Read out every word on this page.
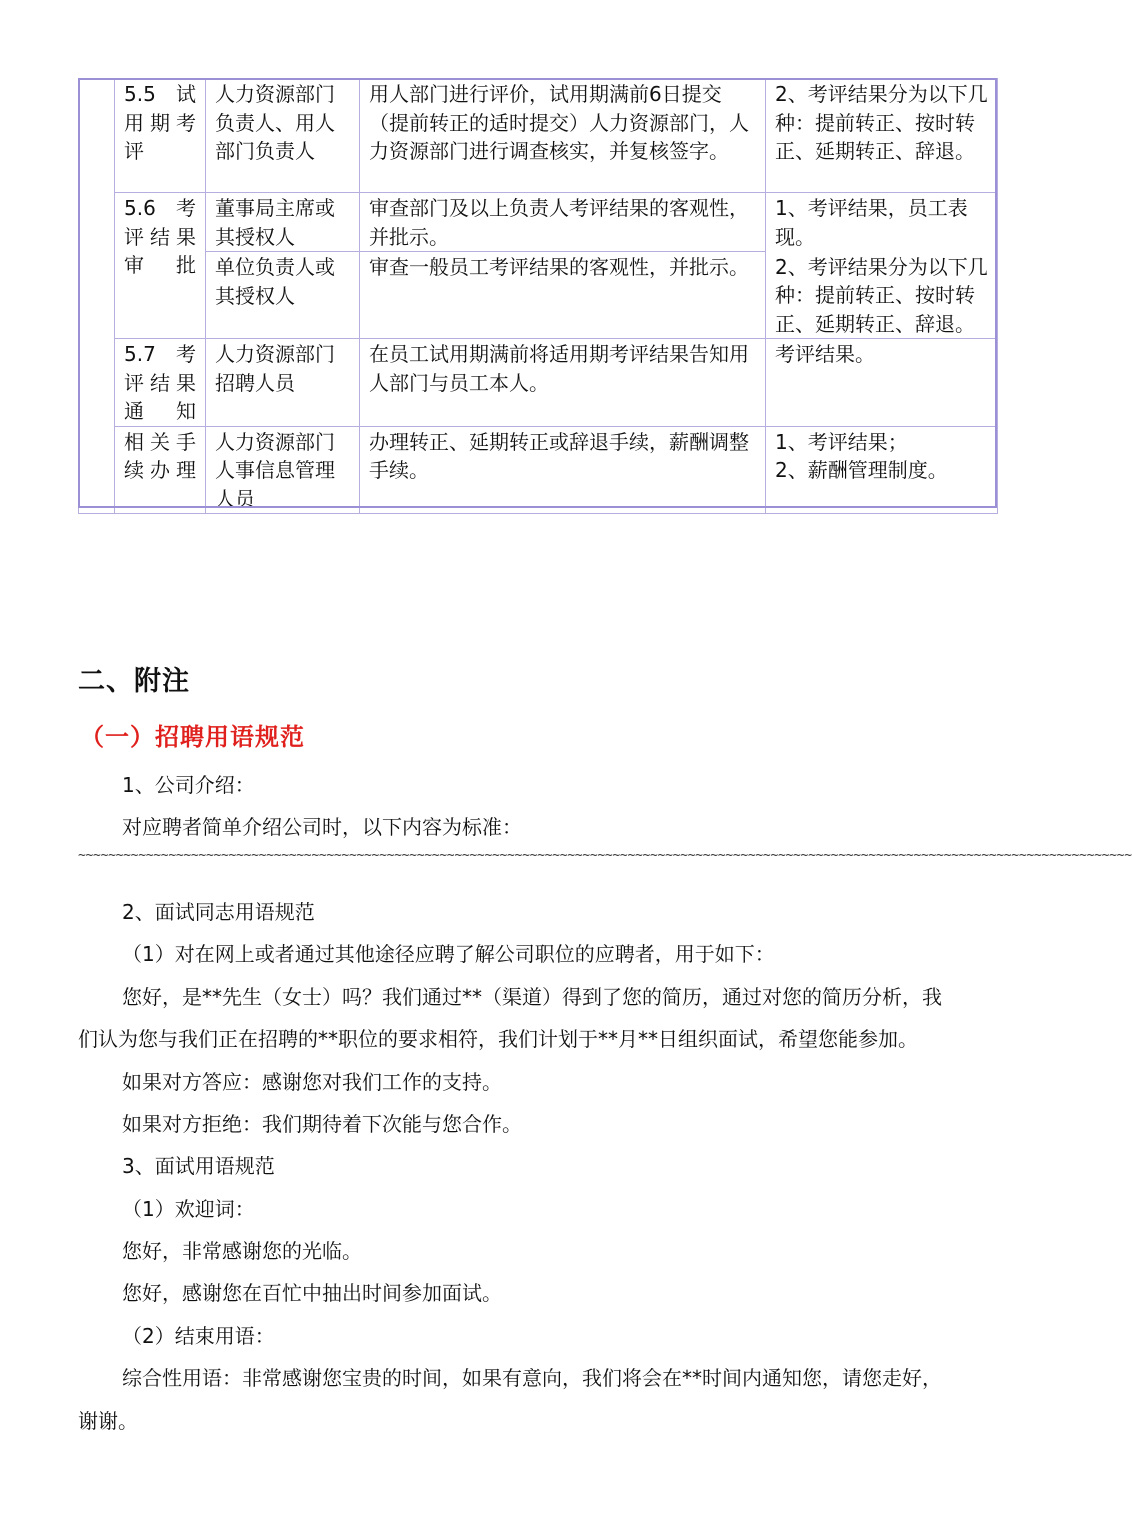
	5.5 试用期考评	人力资源部门负责人、用人部门负责人	用人部门进行评价，试用期满前6日提交（提前转正的适时提交）人力资源部门，人力资源部门进行调查核实，并复核签字。	2、考评结果分为以下几种：提前转正、按时转正、延期转正、辞退。
	5.6 考评结果审批	董事局主席或其授权人	审查部门及以上负责人考评结果的客观性，并批示。	1、考评结果，员工表现。
		单位负责人或其授权人	审查一般员工考评结果的客观性，并批示。	2、考评结果分为以下几种：提前转正、按时转正、延期转正、辞退。
	5.7 考评结果通知	人力资源部门招聘人员	在员工试用期满前将适用期考评结果告知用人部门与员工本人。	考评结果。
	相关手续办理	人力资源部门人事信息管理人员	办理转正、延期转正或辞退手续，薪酬调整手续。	1、考评结果；
2、薪酬管理制度。
二、附注
（一）招聘用语规范
1、公司介绍：
对应聘者简单介绍公司时，以下内容为标准：
~~~~~~~~~~~~~~~~~~~~~~~~~~~~~~~~~~~~~~~~~~~~~~~~~~~~~~~~~~~~~~~~~~~~~~~~~~~~~~~~~~~~~~~~~~~~~~~~~~~~~~~~~~~~~~~~~~~~~~~~~~~~~~~~~~~~~~~~~~~~
2、面试同志用语规范
（1）对在网上或者通过其他途径应聘了解公司职位的应聘者，用于如下：
您好，是**先生（女士）吗？我们通过**（渠道）得到了您的简历，通过对您的简历分析，我
们认为您与我们正在招聘的**职位的要求相符，我们计划于**月**日组织面试，希望您能参加。
如果对方答应：感谢您对我们工作的支持。
如果对方拒绝：我们期待着下次能与您合作。
3、面试用语规范
（1）欢迎词：
您好，非常感谢您的光临。
您好，感谢您在百忙中抽出时间参加面试。
（2）结束用语：
综合性用语：非常感谢您宝贵的时间，如果有意向，我们将会在**时间内通知您，请您走好，
谢谢。
